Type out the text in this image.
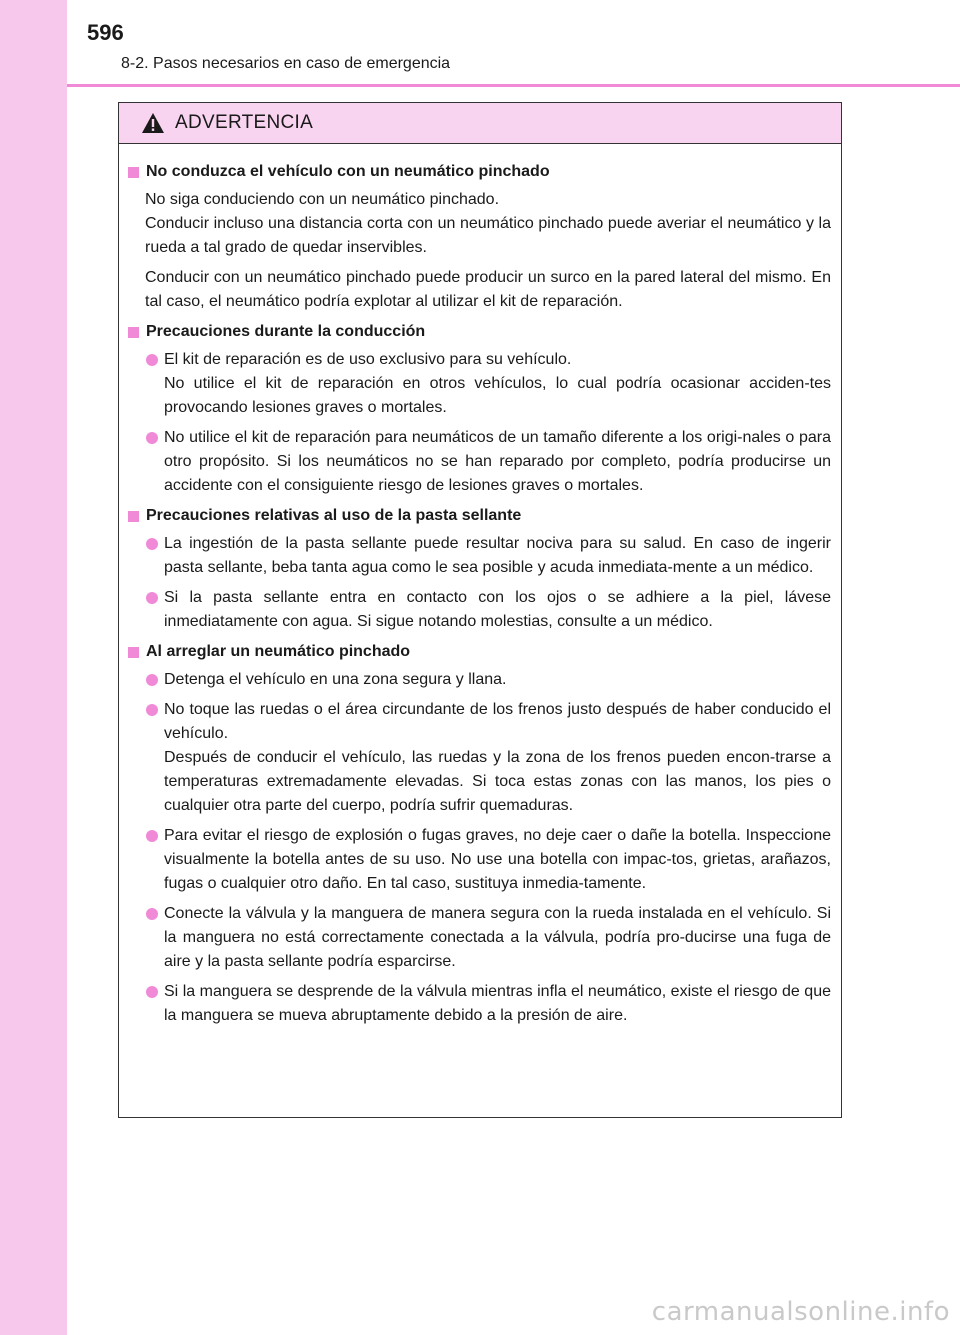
596
8-2. Pasos necesarios en caso de emergencia
ADVERTENCIA
No conduzca el vehículo con un neumático pinchado
No siga conduciendo con un neumático pinchado.
Conducir incluso una distancia corta con un neumático pinchado puede averiar el neumático y la rueda a tal grado de quedar inservibles.
Conducir con un neumático pinchado puede producir un surco en la pared lateral del mismo. En tal caso, el neumático podría explotar al utilizar el kit de reparación.
Precauciones durante la conducción
El kit de reparación es de uso exclusivo para su vehículo.
No utilice el kit de reparación en otros vehículos, lo cual podría ocasionar acciden-tes provocando lesiones graves o mortales.
No utilice el kit de reparación para neumáticos de un tamaño diferente a los origi-nales o para otro propósito. Si los neumáticos no se han reparado por completo, podría producirse un accidente con el consiguiente riesgo de lesiones graves o mortales.
Precauciones relativas al uso de la pasta sellante
La ingestión de la pasta sellante puede resultar nociva para su salud. En caso de ingerir pasta sellante, beba tanta agua como le sea posible y acuda inmediata-mente a un médico.
Si la pasta sellante entra en contacto con los ojos o se adhiere a la piel, lávese inmediatamente con agua. Si sigue notando molestias, consulte a un médico.
Al arreglar un neumático pinchado
Detenga el vehículo en una zona segura y llana.
No toque las ruedas o el área circundante de los frenos justo después de haber conducido el vehículo.
Después de conducir el vehículo, las ruedas y la zona de los frenos pueden encon-trarse a temperaturas extremadamente elevadas. Si toca estas zonas con las manos, los pies o cualquier otra parte del cuerpo, podría sufrir quemaduras.
Para evitar el riesgo de explosión o fugas graves, no deje caer o dañe la botella. Inspeccione visualmente la botella antes de su uso. No use una botella con impac-tos, grietas, arañazos, fugas o cualquier otro daño. En tal caso, sustituya inmedia-tamente.
Conecte la válvula y la manguera de manera segura con la rueda instalada en el vehículo. Si la manguera no está correctamente conectada a la válvula, podría pro-ducirse una fuga de aire y la pasta sellante podría esparcirse.
Si la manguera se desprende de la válvula mientras infla el neumático, existe el riesgo de que la manguera se mueva abruptamente debido a la presión de aire.
carmanualsonline.info
